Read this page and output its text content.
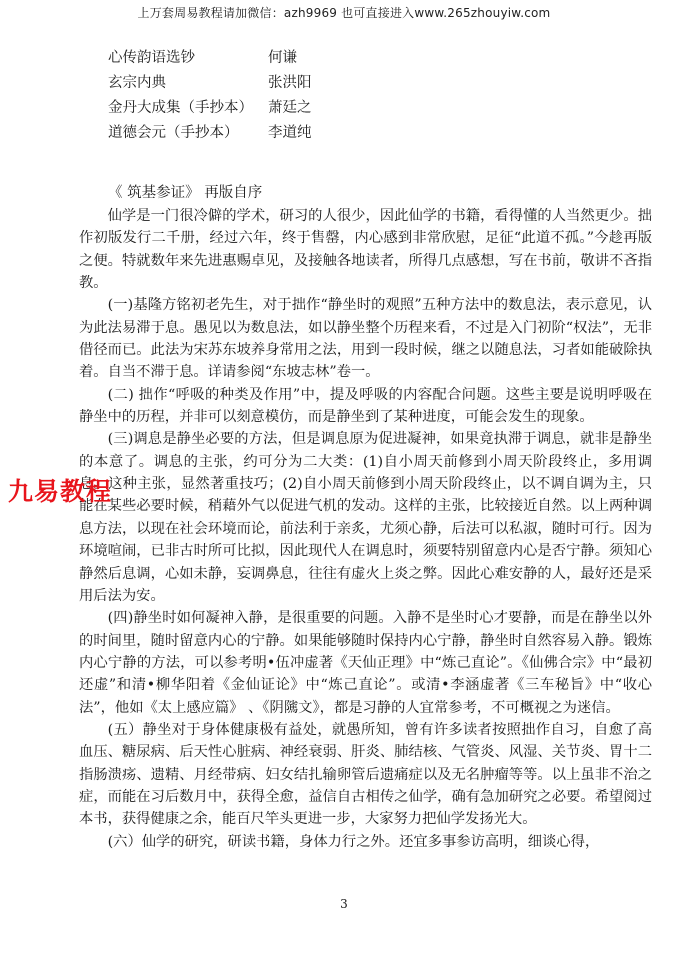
上万套周易教程请加微信：azh9969 也可直接进入www.265zhouyiw.com
心传韵语选钞	何谦
玄宗内典	张洪阳
金丹大成集（手抄本）	萧廷之
道德会元（手抄本）	李道纯
《 筑基参证》 再版自序

仙学是一门很冷僻的学术，研习的人很少，因此仙学的书籍，看得懂的人当然更少。拙作初版发行二千册，经过六年，终于售罄，内心感到非常欣慰，足征“此道不孤。”今趁再版之便。特就数年来先进惠赐卓见，及接触各地读者，所得几点感想，写在书前，敬讲不吝指教。

(一)基隆方铭初老先生，对于拙作“静坐时的观照”五种方法中的数息法，表示意见，认为此法易滞于息。愚见以为数息法，如以静坐整个历程来看，不过是入门初阶“权法”，无非借径而已。此法为宋苏东坡养身常用之法，用到一段时候，继之以随息法，习者如能破除执着。自当不滞于息。详请参阅“东坡志林”卷一。

(二) 拙作“呼吸的种类及作用”中，提及呼吸的内容配合问题。这些主要是说明呼吸在静坐中的历程，并非可以刻意模仿，而是静坐到了某种进度，可能会发生的现象。

(三)调息是静坐必要的方法，但是调息原为促进凝神，如果竟执滞于调息，就非是静坐的本意了。调息的主张，约可分为二大类：(1)自小周天前修到小周天阶段终止，多用调息。这种主张，显然著重技巧；(2)自小周天前修到小周天阶段终止，以不调自调为主，只能在某些必要时候，稍藉外气以促进气机的发动。这样的主张，比较接近自然。以上两种调息方法，以现在社会环境而论，前法利于亲炙，尤须心静，后法可以私淑，随时可行。因为环境喧闹，已非古时所可比拟，因此现代人在调息时，须要特别留意内心是否宁静。须知心静然后息调，心如未静，妄调鼻息，往往有虚火上炎之弊。因此心难安静的人，最好还是采用后法为安。

(四)静坐时如何凝神入静，是很重要的问题。入静不是坐时心才要静，而是在静坐以外的时间里，随时留意内心的宁静。如果能够随时保持内心宁静，静坐时自然容易入静。锻炼内心宁静的方法，可以参考明•伍冲虚著《天仙正理》中“炼己直论”。《仙佛合宗》中“最初还虚”和清•柳华阳着《金仙证论》中“炼己直论”。或清•李涵虚著《三车秘旨》中“收心法”，他如《太上感应篇》 、《阴隲文》，都是习静的人宜常参考，不可概视之为迷信。

(五）静坐对于身体健康极有益处，就愚所知，曾有许多读者按照拙作自习，自愈了高血压、糖尿病、后天性心脏病、神经衰弱、肝炎、肺结核、气管炎、风湿、关节炎、胃十二指肠溃疡、遗精、月经带病、妇女结扎输卵管后遗痛症以及无名肿瘤等等。以上虽非不治之症，而能在习后数月中，获得全愈，益信自古相传之仙学，确有急加研究之必要。希望阅过本书，获得健康之余，能百尺竿头更进一步，大家努力把仙学发扬光大。

(六）仙学的研究，研读书籍，身体力行之外。还宜多事参访高明，细谈心得，

九易教程
3
